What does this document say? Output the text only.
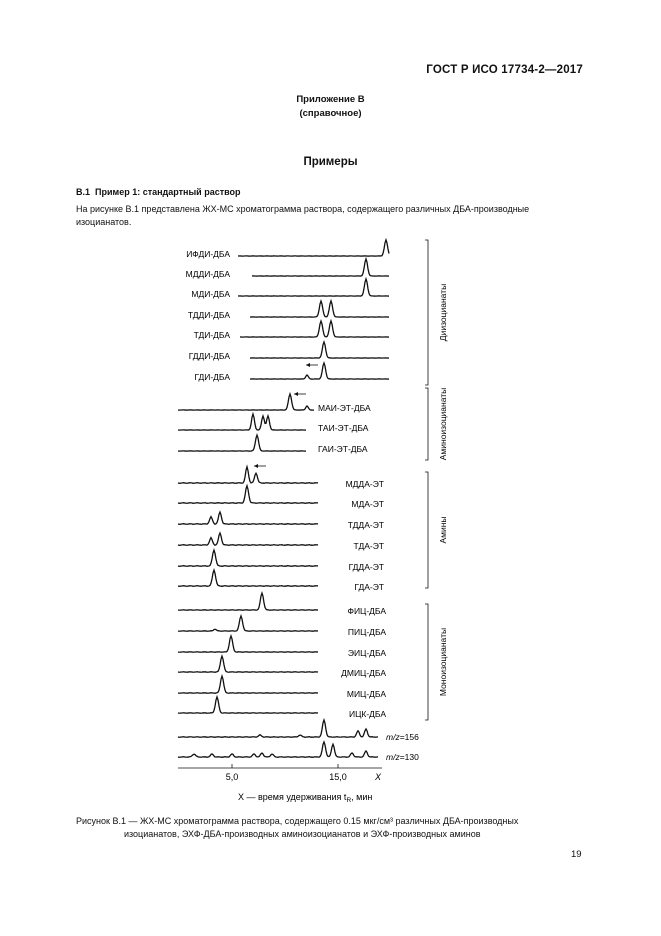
ГОСТ Р ИСО 17734-2—2017
Приложение В
(справочное)
Примеры
В.1 Пример 1: стандартный раствор
На рисунке В.1 представлена ЖХ-МС хроматограмма раствора, содержащего различных ДБА-производные
изоцианатов.
ИФДИ-ДБА
МДДИ-ДБА
МДИ-ДБА
ТДДИ-ДБА
ТДИ-ДБА
ГДДИ-ДБА
ГДИ-ДБА
МАИ-ЭТ-ДБА
ТАИ-ЭТ-ДБА
ГАИ-ЭТ-ДБА
МДДА-ЭТ
МДА-ЭТ
ТДДА-ЭТ
ТДА-ЭТ
ГДДА-ЭТ
ГДА-ЭТ
ФИЦ-ДБА
ПИЦ-ДБА
ЭИЦ-ДБА
ДМИЦ-ДБА
МИЦ-ДБА
ИЦК-ДБА
m/z=156
m/z=130
Диизоцианаты
Аминоизоцианаты
Амины
Моноизоцианаты
5,0	15,0	X
X — время удерживания $t_R$, мин
Рисунок В.1 — ЖХ-МС хроматограмма раствора, содержащего 0.15 мкг/см³ различных ДБА-производных
изоцианатов, ЭХФ-ДБА-производных аминоизоцианатов и ЭХФ-производных аминов
19
